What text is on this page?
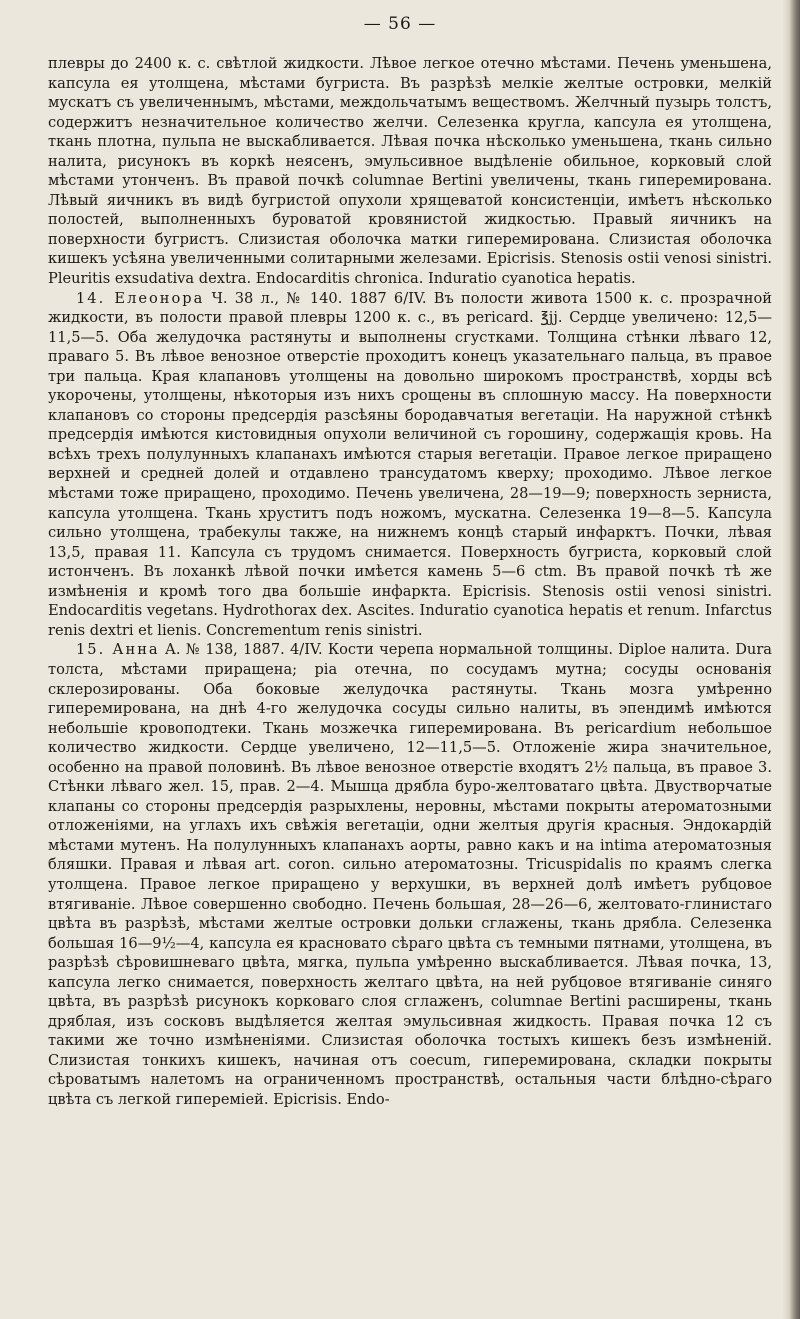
— 56 —

плевры до 2400 к. с. свѣтлой жидкости. Лѣвое легкое отечно мѣстами. Печень уменьшена, капсула ея утолщена, мѣстами бугриста. Въ разрѣзѣ мелкіе желтые островки, мелкій мускатъ съ увеличеннымъ, мѣстами, междольчатымъ веществомъ. Желчный пузырь толстъ, содержитъ незначительное количество желчи. Селезенка кругла, капсула ея утолщена, ткань плотна, пульпа не выскабливается. Лѣвая почка нѣсколько уменьшена, ткань сильно налита, рисунокъ въ коркѣ неясенъ, эмульсивное выдѣленіе обильное, корковый слой мѣстами утонченъ. Въ правой почкѣ columnae Bertini увеличены, ткань гиперемирована. Лѣвый яичникъ въ видѣ бугристой опухоли хрящеватой консистенціи, имѣетъ нѣсколько полостей, выполненныхъ буроватой кровянистой жидкостью. Правый яичникъ на поверхности бугристъ. Слизистая оболочка матки гиперемирована. Слизистая оболочка кишекъ усѣяна увеличенными солитарными железами. Epicrisis. Stenosis ostii venosi sinistri. Pleuritis exsudativa dextra. Endocarditis chronica. Induratio cyanotica hepatis.

14. Елеонора Ч. 38 л., № 140. 1887 6/IV. Въ полости живота 1500 к. с. прозрачной жидкости, въ полости правой плевры 1200 к. с., въ pericard. ℥jj. Сердце увеличено: 12,5—11,5—5. Оба желудочка растянуты и выполнены сгустками. Толщина стѣнки лѣваго 12, праваго 5. Въ лѣвое венозное отверстіе проходитъ конецъ указательнаго пальца, въ правое три пальца. Края клапановъ утолщены на довольно широкомъ пространствѣ, хорды всѣ укорочены, утолщены, нѣкоторыя изъ нихъ срощены въ сплошную массу. На поверхности клапановъ со стороны предсердія разсѣяны бородавчатыя вегетаціи. На наружной стѣнкѣ предсердія имѣются кистовидныя опухоли величиной съ горошину, содержащія кровь. На всѣхъ трехъ полулунныхъ клапанахъ имѣются старыя вегетаціи. Правое легкое приращено верхней и средней долей и отдавлено трансудатомъ кверху; проходимо. Лѣвое легкое мѣстами тоже приращено, проходимо. Печень увеличена, 28—19—9; поверхность зерниста, капсула утолщена. Ткань хруститъ подъ ножомъ, мускатна. Селезенка 19—8—5. Капсула сильно утолщена, трабекулы также, на нижнемъ концѣ старый инфарктъ. Почки, лѣвая 13,5, правая 11. Капсула съ трудомъ снимается. Поверхность бугриста, корковый слой истонченъ. Въ лоханкѣ лѣвой почки имѣется камень 5—6 ctm. Въ правой почкѣ тѣ же измѣненія и кромѣ того два большіе инфаркта. Epicrisis. Stenosis ostii venosi sinistri. Endocarditis vegetans. Hydrothorax dex. Ascites. Induratio cyanotica hepatis et renum. Infarctus renis dextri et lienis. Concrementum renis sinistri.

15. Анна А. № 138, 1887. 4/IV. Кости черепа нормальной толщины. Diploe налита. Dura толста, мѣстами приращена; pia отечна, по сосудамъ мутна; сосуды основанія склерозированы. Оба боковые желудочка растянуты. Ткань мозга умѣренно гиперемирована, на днѣ 4-го желудочка сосуды сильно налиты, въ эпендимѣ имѣются небольшіе кровоподтеки. Ткань мозжечка гиперемирована. Въ pericardium небольшое количество жидкости. Сердце увеличено, 12—11,5—5. Отложеніе жира значительное, особенно на правой половинѣ. Въ лѣвое венозное отверстіе входятъ 2½ пальца, въ правое 3. Стѣнки лѣваго жел. 15, прав. 2—4. Мышца дрябла буро-желтоватаго цвѣта. Двустворчатые клапаны со стороны предсердія разрыхлены, неровны, мѣстами покрыты атероматозными отложеніями, на углахъ ихъ свѣжія вегетаціи, одни желтыя другія красныя. Эндокардій мѣстами мутенъ. На полулунныхъ клапанахъ аорты, равно какъ и на intima атероматозныя бляшки. Правая и лѣвая art. coron. сильно атероматозны. Tricuspidalis по краямъ слегка утолщена. Правое легкое приращено у верхушки, въ верхней долѣ имѣетъ рубцовое втягиваніе. Лѣвое совершенно свободно. Печень большая, 28—26—6, желтовато-глинистаго цвѣта въ разрѣзѣ, мѣстами желтые островки дольки сглажены, ткань дрябла. Селезенка большая 16—9½—4, капсула ея красновато сѣраго цвѣта съ темными пятнами, утолщена, въ разрѣзѣ сѣровишневаго цвѣта, мягка, пульпа умѣренно выскабливается. Лѣвая почка, 13, капсула легко снимается, поверхность желтаго цвѣта, на ней рубцовое втягиваніе синяго цвѣта, въ разрѣзѣ рисунокъ корковаго слоя сглаженъ, columnae Bertini расширены, ткань дряблая, изъ сосковъ выдѣляется желтая эмульсивная жидкость. Правая почка 12 съ такими же точно измѣненіями. Слизистая оболочка тостыхъ кишекъ безъ измѣненій. Слизистая тонкихъ кишекъ, начиная отъ coecum, гиперемирована, складки покрыты сѣроватымъ налетомъ на ограниченномъ пространствѣ, остальныя части блѣдно-сѣраго цвѣта съ легкой гипереміей. Epicrisis. Endo-
